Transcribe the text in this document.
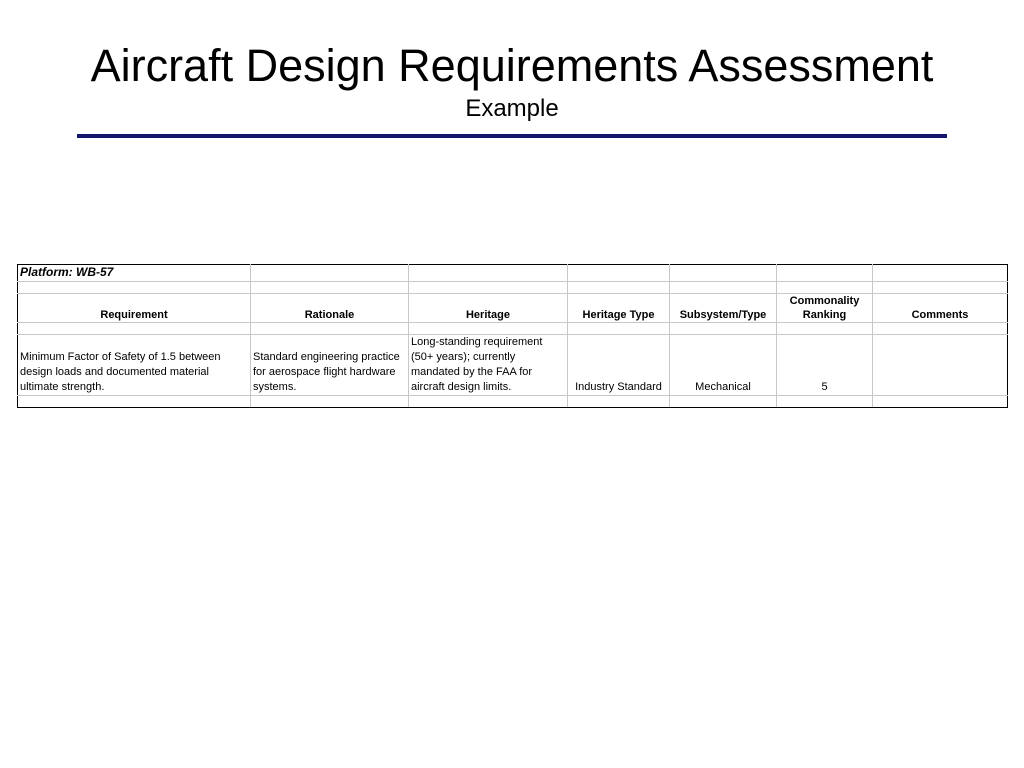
Aircraft Design Requirements Assessment
Example
Platform: WB-57						

Requirement	Rationale	Heritage	Heritage Type	Subsystem/Type	Commonality Ranking	Comments

Minimum Factor of Safety of 1.5 between design loads and documented material ultimate strength.	Standard engineering practice for aerospace flight hardware systems.	Long-standing requirement (50+ years); currently mandated by the FAA for aircraft design limits.	Industry Standard	Mechanical	5	
